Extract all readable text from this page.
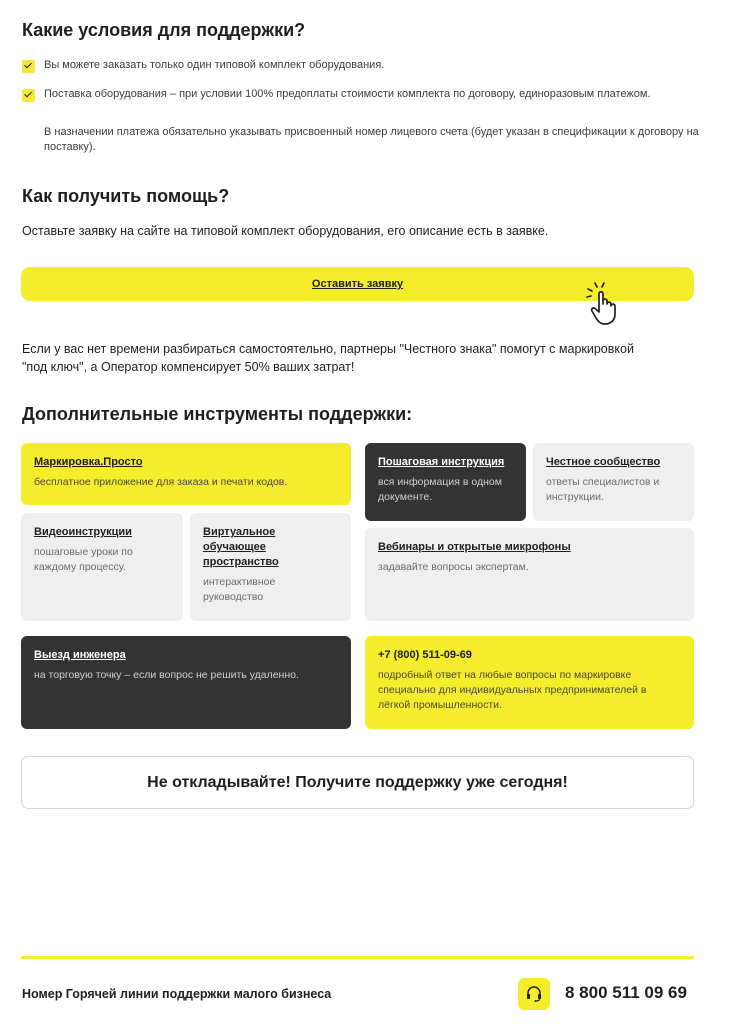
Какие условия для поддержки?
Вы можете заказать только один типовой комплект оборудования.
Поставка оборудования – при условии 100% предоплаты стоимости комплекта по договору, единоразовым платежом.
В назначении платежа обязательно указывать присвоенный номер лицевого счета (будет указан в спецификации к договору на поставку).
Как получить помощь?
Оставьте заявку на сайте на типовой комплект оборудования, его описание есть в заявке.
Оставить заявку
Если у вас нет времени разбираться самостоятельно, партнеры "Честного знака" помогут с маркировкой "под ключ", а Оператор компенсирует 50% ваших затрат!
Дополнительные инструменты поддержки:
Маркировка.Просто
бесплатное приложение для заказа и печати кодов.
Пошаговая инструкция
вся информация в одном документе.
Честное сообщество
ответы специалистов и инструкции.
Видеоинструкции
пошаговые уроки по каждому процессу.
Виртуальное обучающее пространство
интерактивное руководство
Вебинары и открытые микрофоны
задавайте вопросы экспертам.
Выезд инженера
на торговую точку – если вопрос не решить удаленно.
+7 (800) 511-09-69
подробный ответ на любые вопросы по маркировке специально для индивидуальных предпринимателей в лёгкой промышленности.
Не откладывайте! Получите поддержку уже сегодня!
Номер Горячей линии поддержки малого бизнеса	8 800 511 09 69
